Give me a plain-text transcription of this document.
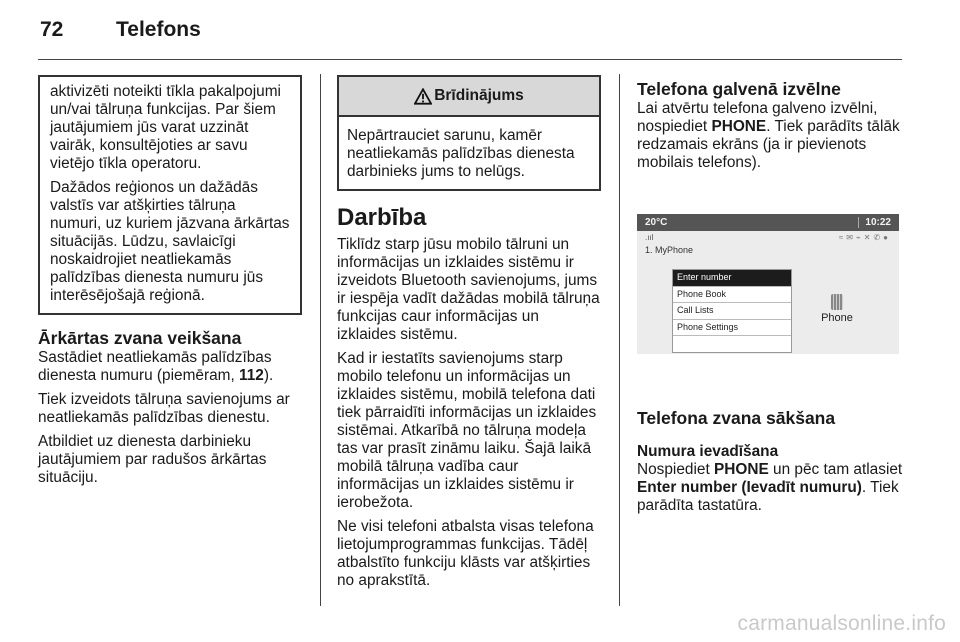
72	Telefons

aktivizēti noteikti tīkla pakalpojumi un/vai tālruņa funkcijas. Par šiem jautājumiem jūs varat uzzināt vairāk, konsultējoties ar savu vietējo tīkla operatoru.

Dažādos reģionos un dažādās valstīs var atšķirties tālruņa numuri, uz kuriem jāzvana ārkārtas situācijās. Lūdzu, savlaicīgi noskaidrojiet neatliekamās palīdzības dienesta numuru jūs interēsējošajā reģionā.

Ārkārtas zvana veikšana

Sastādiet neatliekamās palīdzības dienesta numuru (piemēram, 112).

Tiek izveidots tālruņa savienojums ar neatliekamās palīdzības dienestu.

Atbildiet uz dienesta darbinieku jautājumiem par radušos ārkārtas situāciju.

Brīdinājums
Nepārtrauciet sarunu, kamēr neatliekamās palīdzības dienesta darbinieks jums to nelūgs.
Darbība

Tiklīdz starp jūsu mobilo tālruni un informācijas un izklaides sistēmu ir izveidots Bluetooth savienojums, jums ir iespēja vadīt dažādas mobilā tālruņa funkcijas caur informācijas un izklaides sistēmu.

Kad ir iestatīts savienojums starp mobilo telefonu un informācijas un izklaides sistēmu, mobilā telefona dati tiek pārraidīti informācijas un izklaides sistēmai. Atkarībā no tālruņa modeļa tas var prasīt zināmu laiku. Šajā laikā mobilā tālruņa vadība caur informācijas un izklaides sistēmu ir ierobežota.

Ne visi telefoni atbalsta visas telefona lietojumprogrammas funkcijas. Tādēļ atbalstīto funkciju klāsts var atšķirties no aprakstītā.

Telefona galvenā izvēlne

Lai atvērtu telefona galveno izvēlni, nospiediet PHONE. Tiek parādīts tālāk redzamais ekrāns (ja ir pievienots mobilais telefons).

20°C	10:22
.ııl	≈✉⌁✕✆●
1. MyPhone
Enter number
Phone Book
Call Lists
Phone Settings
Phone
Telefona zvana sākšana

Numura ievadīšana

Nospiediet PHONE un pēc tam atlasiet Enter number (Ievadīt numuru). Tiek parādīta tastatūra.

carmanualsonline.info
